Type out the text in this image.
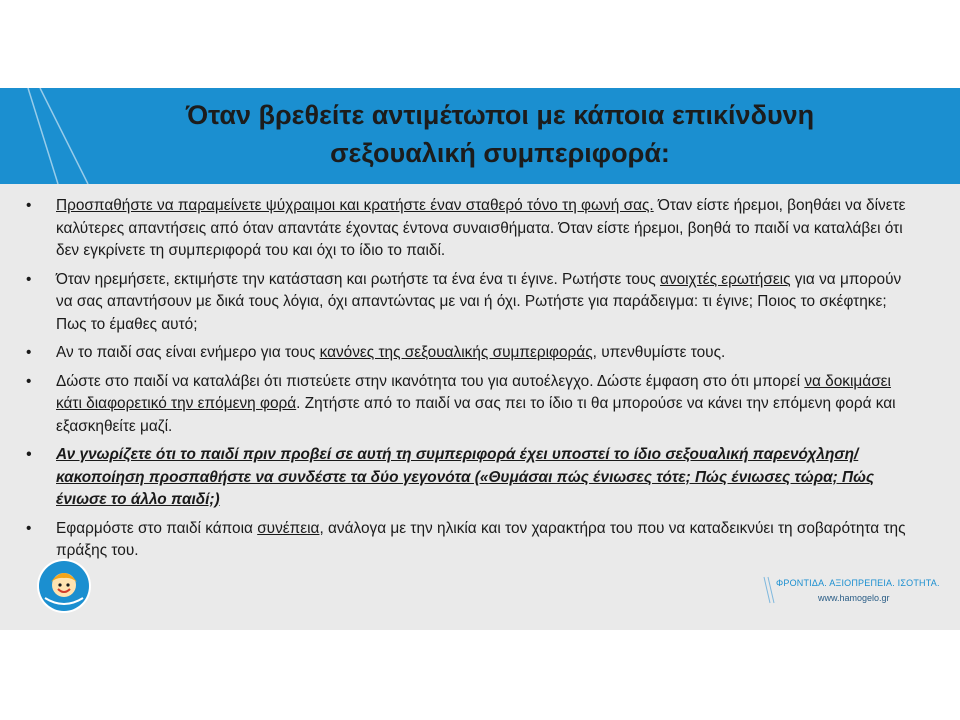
Όταν βρεθείτε αντιμέτωποι με κάποια επικίνδυνη
σεξουαλική συμπεριφορά:
• Προσπαθήστε να παραμείνετε ψύχραιμοι και κρατήστε έναν σταθερό τόνο τη φωνή σας. Όταν είστε ήρεμοι, βοηθάει να δίνετε καλύτερες απαντήσεις από όταν απαντάτε έχοντας έντονα συναισθήματα. Όταν είστε ήρεμοι, βοηθά το παιδί να καταλάβει ότι δεν εγκρίνετε τη συμπεριφορά του και όχι το ίδιο το παιδί.
• Όταν ηρεμήσετε, εκτιμήστε την κατάσταση και ρωτήστε τα ένα ένα τι έγινε. Ρωτήστε τους ανοιχτές ερωτήσεις για να μπορούν να σας απαντήσουν με δικά τους λόγια, όχι απαντώντας με ναι ή όχι. Ρωτήστε για παράδειγμα: τι έγινε; Ποιος το σκέφτηκε; Πως το έμαθες αυτό;
• Αν το παιδί σας είναι ενήμερο για τους κανόνες της σεξουαλικής συμπεριφοράς, υπενθυμίστε τους.
• Δώστε στο παιδί να καταλάβει ότι πιστεύετε στην ικανότητα του για αυτοέλεγχο. Δώστε έμφαση στο ότι μπορεί να δοκιμάσει κάτι διαφορετικό την επόμενη φορά. Ζητήστε από το παιδί να σας πει το ίδιο τι θα μπορούσε να κάνει την επόμενη φορά και εξασκηθείτε μαζί.
• Αν γνωρίζετε ότι το παιδί πριν προβεί σε αυτή τη συμπεριφορά έχει υποστεί το ίδιο σεξουαλική παρενόχληση/κακοποίηση προσπαθήστε να συνδέστε τα δύο γεγονότα («Θυμάσαι πώς ένιωσες τότε; Πώς ένιωσες τώρα; Πώς ένιωσε το άλλο παιδί;)
• Εφαρμόστε στο παιδί κάποια συνέπεια, ανάλογα με την ηλικία και τον χαρακτήρα του που να καταδεικνύει τη σοβαρότητα της πράξης του.
ΦΡΟΝΤΙΔΑ. ΑΞΙΟΠΡΕΠΕΙΑ. ΙΣΟΤΗΤΑ.
www.hamogelo.gr
